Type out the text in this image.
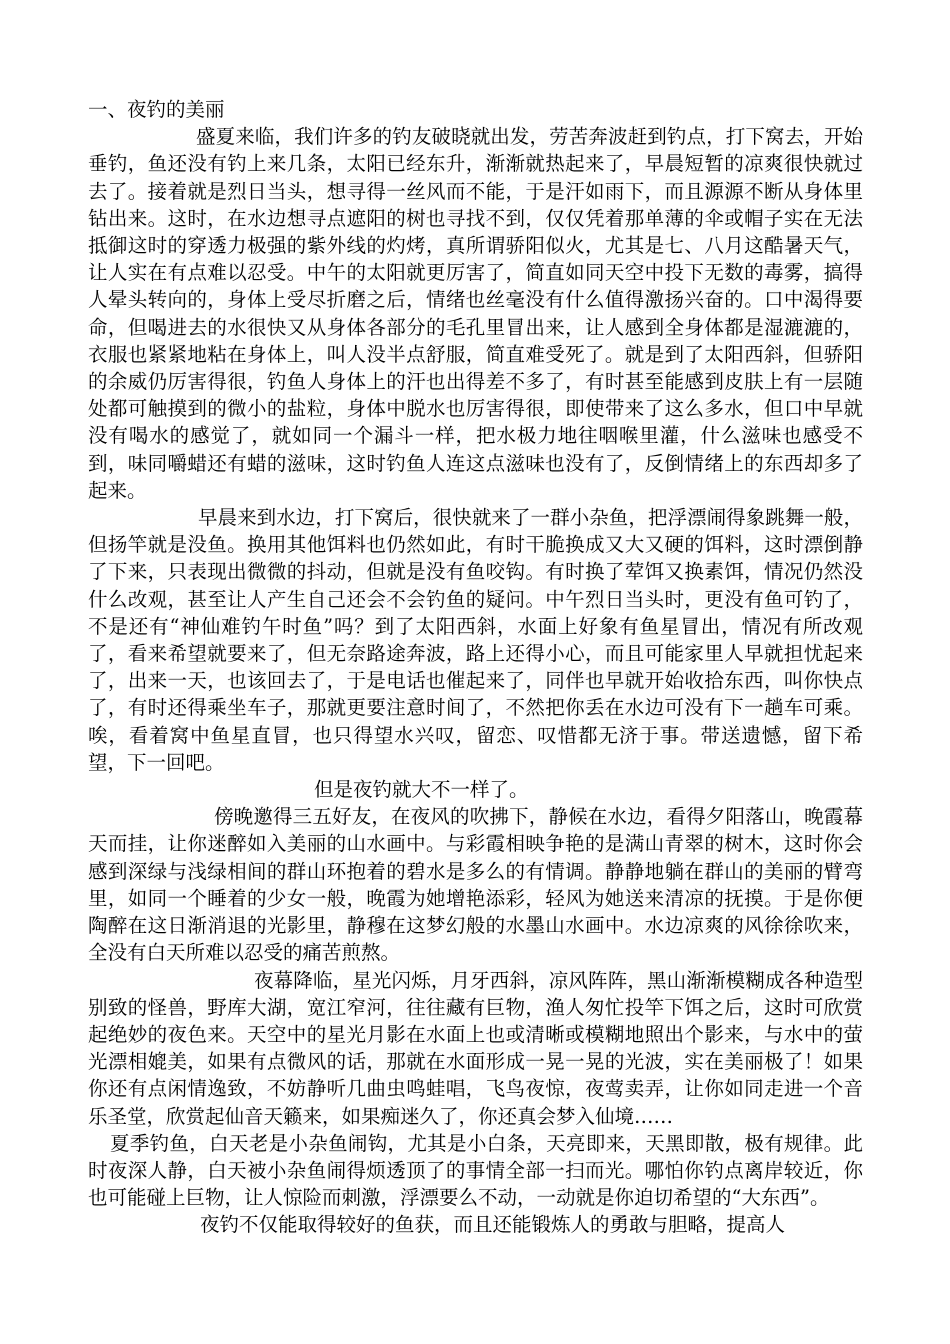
一、夜钓的美丽

盛夏来临，我们许多的钓友破晓就出发，劳苦奔波赶到钓点，打下窝去，开始垂钓，鱼还没有钓上来几条，太阳已经东升，渐渐就热起来了，早晨短暂的凉爽很快就过去了。接着就是烈日当头，想寻得一丝风而不能，于是汗如雨下，而且源源不断从身体里钻出来。这时，在水边想寻点遮阳的树也寻找不到，仅仅凭着那单薄的伞或帽子实在无法抵御这时的穿透力极强的紫外线的灼烤，真所谓骄阳似火，尤其是七、八月这酷暑天气，让人实在有点难以忍受。中午的太阳就更厉害了，简直如同天空中投下无数的毒雾，搞得人晕头转向的，身体上受尽折磨之后，情绪也丝毫没有什么值得激扬兴奋的。口中渴得要命，但喝进去的水很快又从身体各部分的毛孔里冒出来，让人感到全身体都是湿漉漉的，衣服也紧紧地粘在身体上，叫人没半点舒服，简直难受死了。就是到了太阳西斜，但骄阳的余威仍厉害得很，钓鱼人身体上的汗也出得差不多了，有时甚至能感到皮肤上有一层随处都可触摸到的微小的盐粒，身体中脱水也厉害得很，即使带来了这么多水，但口中早就没有喝水的感觉了，就如同一个漏斗一样，把水极力地往咽喉里灌，什么滋味也感受不到，味同嚼蜡还有蜡的滋味，这时钓鱼人连这点滋味也没有了，反倒情绪上的东西却多了起来。

早晨来到水边，打下窝后，很快就来了一群小杂鱼，把浮漂闹得象跳舞一般，但扬竿就是没鱼。换用其他饵料也仍然如此，有时干脆换成又大又硬的饵料，这时漂倒静了下来，只表现出微微的抖动，但就是没有鱼咬钩。有时换了荤饵又换素饵，情况仍然没什么改观，甚至让人产生自己还会不会钓鱼的疑问。中午烈日当头时，更没有鱼可钓了，不是还有“神仙难钓午时鱼”吗？到了太阳西斜，水面上好象有鱼星冒出，情况有所改观了，看来希望就要来了，但无奈路途奔波，路上还得小心，而且可能家里人早就担忧起来了，出来一天，也该回去了，于是电话也催起来了，同伴也早就开始收拾东西，叫你快点了，有时还得乘坐车子，那就更要注意时间了，不然把你丢在水边可没有下一趟车可乘。唉，看着窝中鱼星直冒，也只得望水兴叹，留恋、叹惜都无济于事。带送遗憾，留下希望，下一回吧。

但是夜钓就大不一样了。

傍晚邀得三五好友，在夜风的吹拂下，静候在水边，看得夕阳落山，晚霞幕天而挂，让你迷醉如入美丽的山水画中。与彩霞相映争艳的是满山青翠的树木，这时你会感到深绿与浅绿相间的群山环抱着的碧水是多么的有情调。静静地躺在群山的美丽的臂弯里，如同一个睡着的少女一般，晚霞为她增艳添彩，轻风为她送来清凉的抚摸。于是你便陶醉在这日渐消退的光影里，静穆在这梦幻般的水墨山水画中。水边凉爽的风徐徐吹来，全没有白天所难以忍受的痛苦煎熬。

夜幕降临，星光闪烁，月牙西斜，凉风阵阵，黑山渐渐模糊成各种造型别致的怪兽，野库大湖，宽江窄河，往往藏有巨物，渔人匆忙投竿下饵之后，这时可欣赏起绝妙的夜色来。天空中的星光月影在水面上也或清晰或模糊地照出个影来，与水中的萤光漂相媲美，如果有点微风的话，那就在水面形成一晃一晃的光波，实在美丽极了！如果你还有点闲情逸致，不妨静听几曲虫鸣蛙唱，飞鸟夜惊，夜莺卖弄，让你如同走进一个音乐圣堂，欣赏起仙音天籁来，如果痴迷久了，你还真会梦入仙境……

夏季钓鱼，白天老是小杂鱼闹钩，尤其是小白条，天亮即来，天黑即散，极有规律。此时夜深人静，白天被小杂鱼闹得烦透顶了的事情全部一扫而光。哪怕你钓点离岸较近，你也可能碰上巨物，让人惊险而刺激，浮漂要么不动，一动就是你迫切希望的“大东西”。

夜钓不仅能取得较好的鱼获，而且还能锻炼人的勇敢与胆略，提高人
